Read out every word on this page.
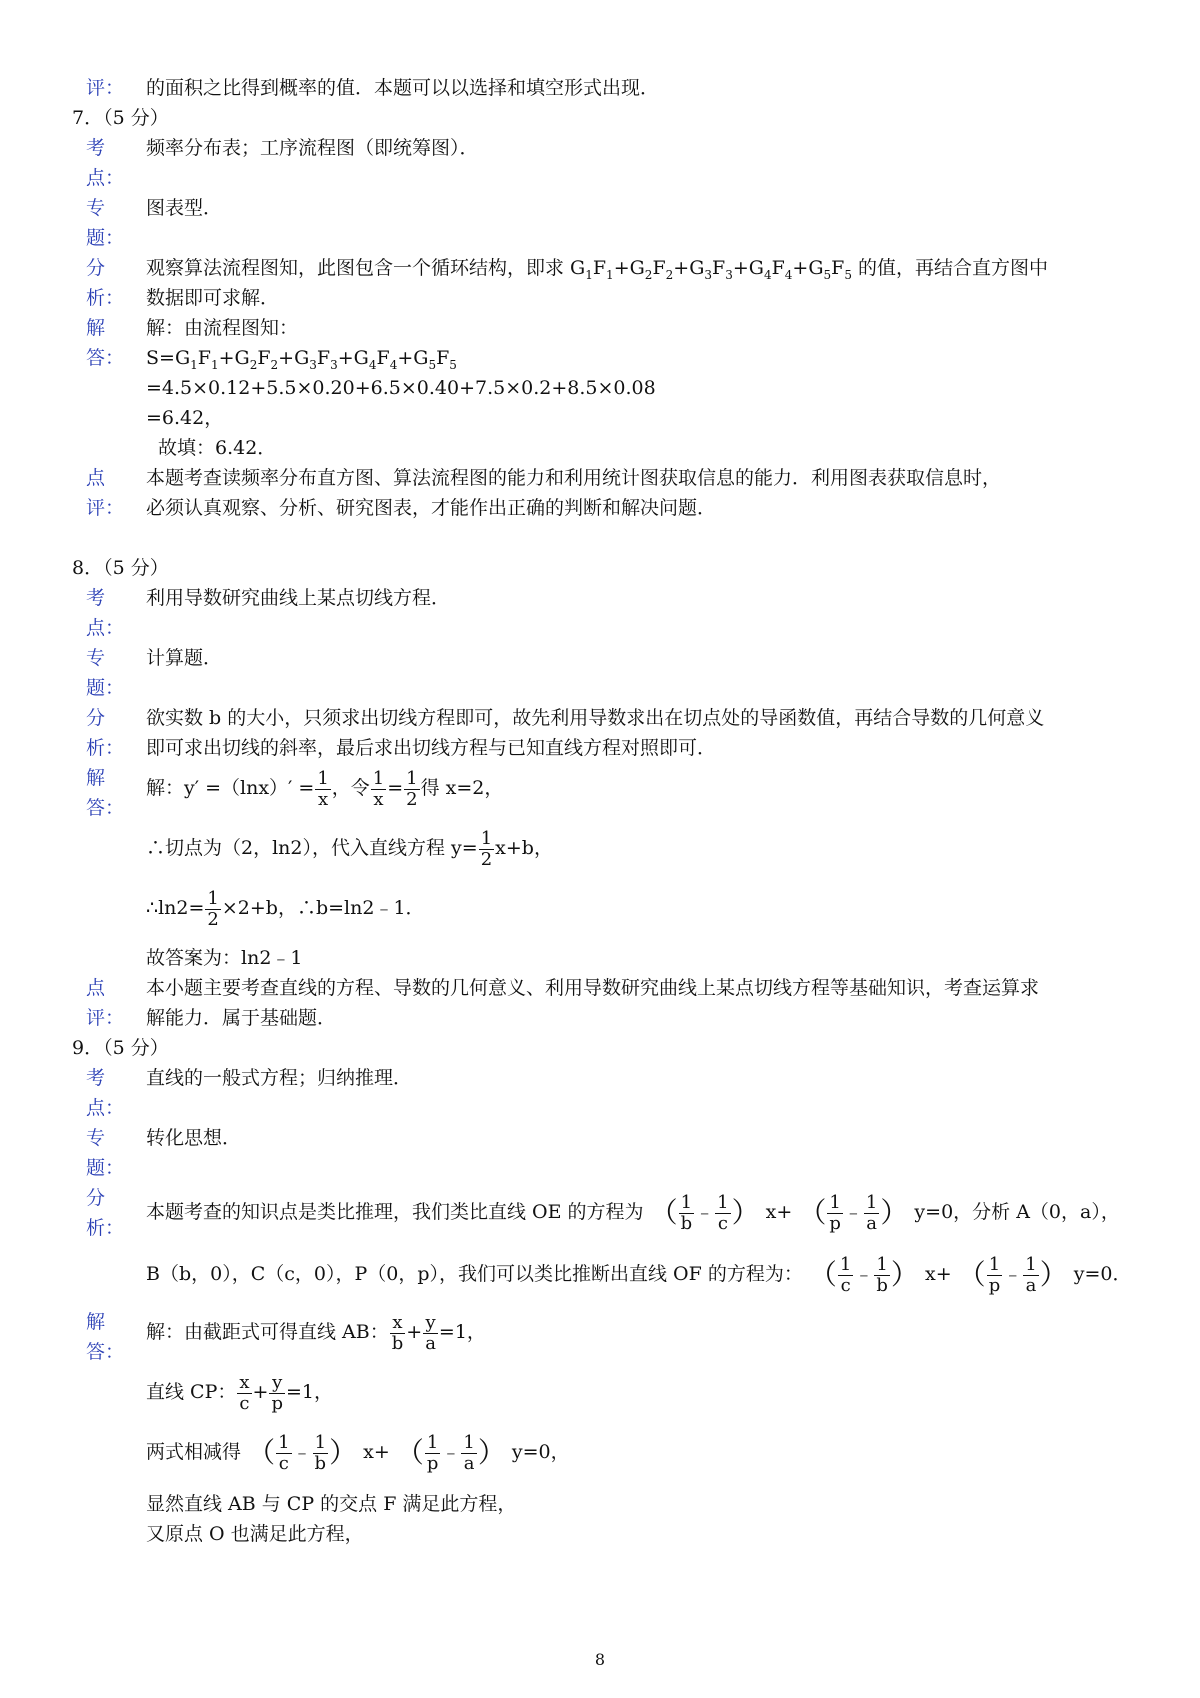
评： 的面积之比得到概率的值．本题可以以选择和填空形式出现．
7．（5 分）
考 频率分布表；工序流程图（即统筹图）．
点：
专 图表型．
题：
分 观察算法流程图知，此图包含一个循环结构，即求 $G_1F_1+G_2F_2+G_3F_3+G_4F_4+G_5F_5$ 的值，再结合直方图中
析： 数据即可求解．
解 解：由流程图知：
答： $S=G_1F_1+G_2F_2+G_3F_3+G_4F_4+G_5F_5$
=4.5×0.12+5.5×0.20+6.5×0.40+7.5×0.2+8.5×0.08
=6.42，
故填：6.42．
点 本题考查读频率分布直方图、算法流程图的能力和利用统计图获取信息的能力．利用图表获取信息时，
评： 必须认真观察、分析、研究图表，才能作出正确的判断和解决问题．
8．（5 分）
考 利用导数研究曲线上某点切线方程．
点：
专 计算题．
题：
分 欲实数 b 的大小，只须求出切线方程即可，故先利用导数求出在切点处的导函数值，再结合导数的几何意义
析： 即可求出切线的斜率，最后求出切线方程与已知直线方程对照即可．
解
答：
解：$y' =(\ln x)' = \frac{1}{x}$ ，令 $\frac{1}{x} = \frac{1}{2}$ 得 x=2，
∴切点为（2，ln2），代入直线方程 $y= \frac{1}{2} x+b$，
∴ln2= $\frac{1}{2} \times 2+b$，∴b=ln2﹣1．
故答案为：ln2﹣1
点 本小题主要考查直线的方程、导数的几何意义、利用导数研究曲线上某点切线方程等基础知识，考查运算求
评： 解能力．属于基础题．
9．（5 分）
考 直线的一般式方程；归纳推理．
点：
专 转化思想．
题：
分
析：
本题考查的知识点是类比推理，我们类比直线 OE 的方程为 （ $\frac{1}{b}$ ﹣ $\frac{1}{c}$ ） x+ （ $\frac{1}{p}$ ﹣ $\frac{1}{a}$ ） y=0，分析 A（0，a），
B（b，0），C（c，0），P（0，p），我们可以类比推断出直线 OF 的方程为： （ $\frac{1}{c}$ ﹣ $\frac{1}{b}$ ） x+ （ $\frac{1}{p}$ ﹣ $\frac{1}{a}$ ） y=0．
解
答：
解：由截距式可得直线 AB： $\frac{x}{b} + \frac{y}{a} =1$，
直线 CP： $\frac{x}{c} + \frac{y}{p} =1$，
两式相减得 （ $\frac{1}{c}$ ﹣ $\frac{1}{b}$ ） x+ （ $\frac{1}{p}$ ﹣ $\frac{1}{a}$ ） y=0，
显然直线 AB 与 CP 的交点 F 满足此方程，
又原点 O 也满足此方程，
8
